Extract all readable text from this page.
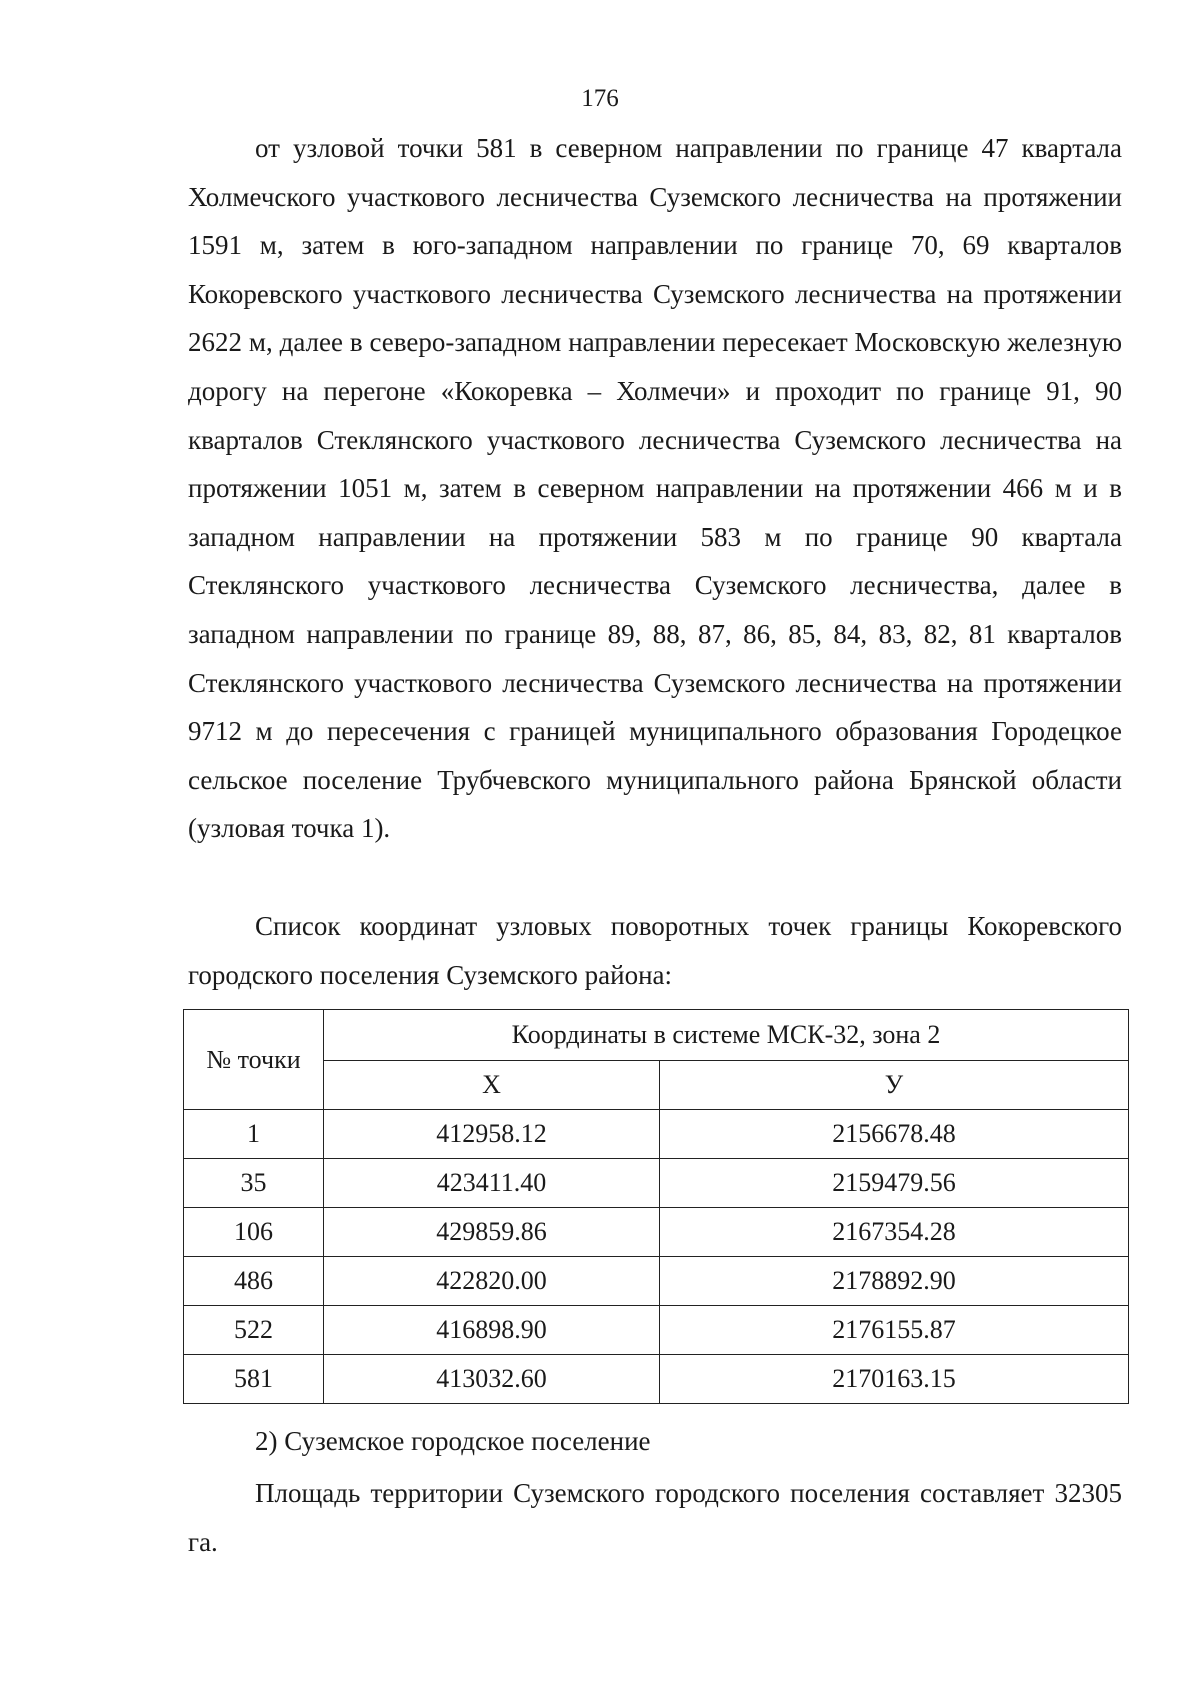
176

от узловой точки 581 в северном направлении по границе 47 квартала Холмечского участкового лесничества Суземского лесничества на протяжении 1591 м, затем в юго-западном направлении по границе 70, 69 кварталов Кокоревского участкового лесничества Суземского лесничества на протяжении 2622 м, далее в северо-западном направлении пересекает Московскую железную дорогу на перегоне «Кокоревка – Холмечи» и проходит по границе 91, 90 кварталов Стеклянского участкового лесничества Суземского лесничества на протяжении 1051 м, затем в северном направлении на протяжении 466 м и в западном направлении на протяжении 583 м по границе 90 квартала Стеклянского участкового лесничества Суземского лесничества, далее в западном направлении по границе 89, 88, 87, 86, 85, 84, 83, 82, 81 кварталов Стеклянского участкового лесничества Суземского лесничества на протяжении 9712 м до пересечения с границей муниципального образования Городецкое сельское поселение Трубчевского муниципального района Брянской области (узловая точка 1).

Список координат узловых поворотных точек границы Кокоревского городского поселения Суземского района:

№ точки	Координаты в системе МСК-32, зона 2	
	X	У
1	412958.12	2156678.48
35	423411.40	2159479.56
106	429859.86	2167354.28
486	422820.00	2178892.90
522	416898.90	2176155.87
581	413032.60	2170163.15

2) Суземское городское поселение

Площадь территории Суземского городского поселения составляет 32305 га.
